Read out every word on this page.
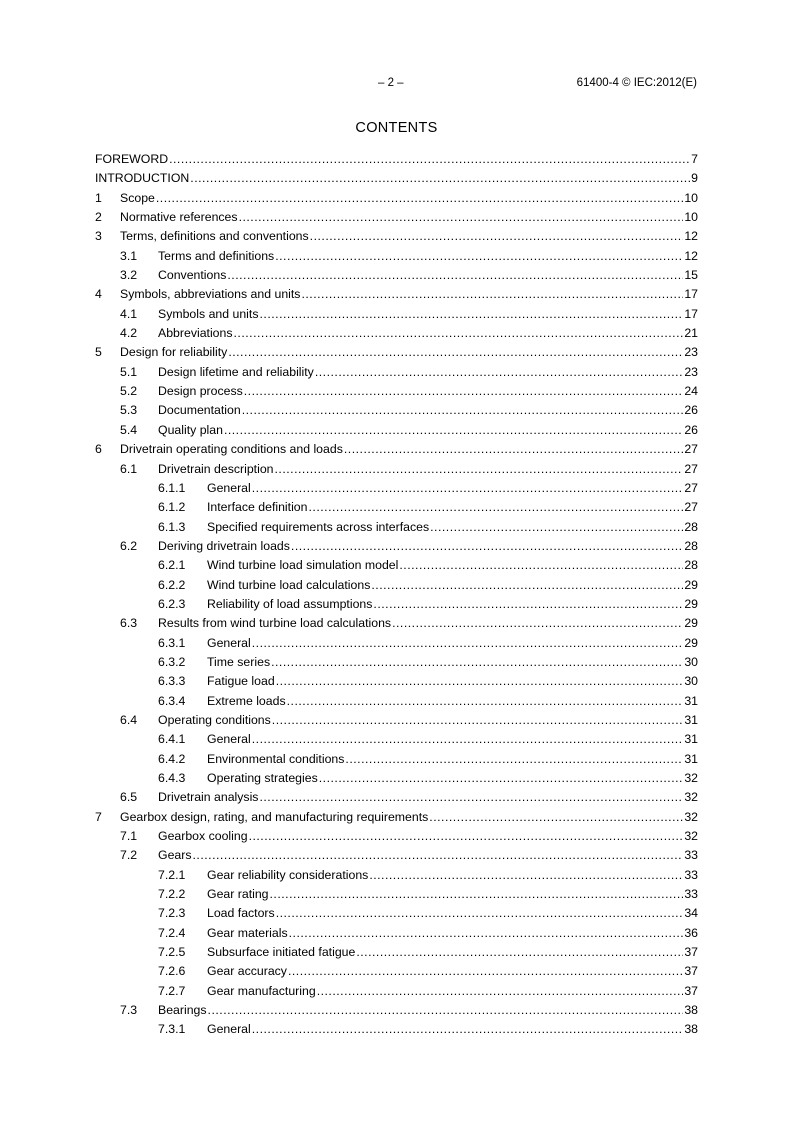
– 2 –	61400-4 © IEC:2012(E)
CONTENTS
FOREWORD .....	7
INTRODUCTION .....	9
1	Scope .....	10
2	Normative references .....	10
3	Terms, definitions and conventions .....	12
3.1	Terms and definitions .....	12
3.2	Conventions .....	15
4	Symbols, abbreviations and units .....	17
4.1	Symbols and units .....	17
4.2	Abbreviations .....	21
5	Design for reliability .....	23
5.1	Design lifetime and reliability .....	23
5.2	Design process .....	24
5.3	Documentation .....	26
5.4	Quality plan .....	26
6	Drivetrain operating conditions and loads .....	27
6.1	Drivetrain description .....	27
6.1.1	General .....	27
6.1.2	Interface definition .....	27
6.1.3	Specified requirements across interfaces .....	28
6.2	Deriving drivetrain loads .....	28
6.2.1	Wind turbine load simulation model .....	28
6.2.2	Wind turbine load calculations .....	29
6.2.3	Reliability of load assumptions .....	29
6.3	Results from wind turbine load calculations .....	29
6.3.1	General .....	29
6.3.2	Time series .....	30
6.3.3	Fatigue load .....	30
6.3.4	Extreme loads .....	31
6.4	Operating conditions .....	31
6.4.1	General .....	31
6.4.2	Environmental conditions .....	31
6.4.3	Operating strategies .....	32
6.5	Drivetrain analysis .....	32
7	Gearbox design, rating, and manufacturing requirements .....	32
7.1	Gearbox cooling .....	32
7.2	Gears .....	33
7.2.1	Gear reliability considerations .....	33
7.2.2	Gear rating .....	33
7.2.3	Load factors .....	34
7.2.4	Gear materials .....	36
7.2.5	Subsurface initiated fatigue .....	37
7.2.6	Gear accuracy .....	37
7.2.7	Gear manufacturing .....	37
7.3	Bearings .....	38
7.3.1	General .....	38
